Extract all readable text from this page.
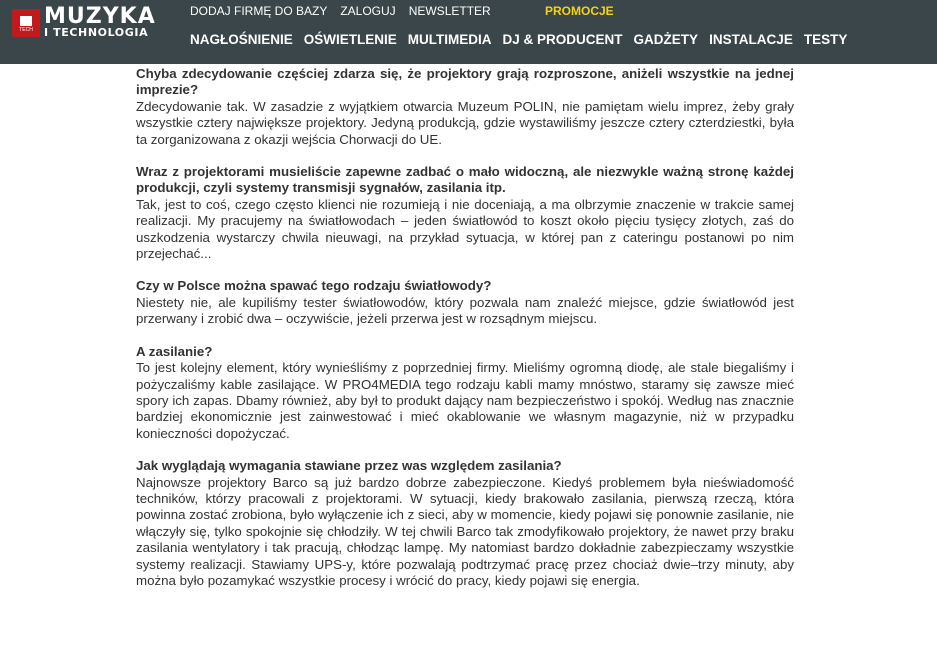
TECH
MUZYKA
I TECHNOLOGIA
DODAJ FIRMĘ DO BAZY ZALOGUJ NEWSLETTER	PROMOCJE
NAGŁOŚNIENIE OŚWIETLENIE MULTIMEDIA DJ & PRODUCENT GADŻETY INSTALACJE TESTY

Chyba zdecydowanie częściej zdarza się, że projektory grają rozproszone, aniżeli wszystkie na jednej imprezie?

Zdecydowanie tak. W zasadzie z wyjątkiem otwarcia Muzeum POLIN, nie pamiętam wielu imprez, żeby grały wszystkie cztery największe projektory. Jedyną produkcją, gdzie wystawiliśmy jeszcze cztery czterdziestki, była ta zorganizowana z okazji wejścia Chorwacji do UE.

Wraz z projektorami musieliście zapewne zadbać o mało widoczną, ale niezwykle ważną stronę każdej produkcji, czyli systemy transmisji sygnałów, zasilania itp.

Tak, jest to coś, czego często klienci nie rozumieją i nie doceniają, a ma olbrzymie znaczenie w trakcie samej realizacji. My pracujemy na światłowodach – jeden światłowód to koszt około pięciu tysięcy złotych, zaś do uszkodzenia wystarczy chwila nieuwagi, na przykład sytuacja, w której pan z cateringu postanowi po nim przejechać...

Czy w Polsce można spawać tego rodzaju światłowody?

Niestety nie, ale kupiliśmy tester światłowodów, który pozwala nam znaleźć miejsce, gdzie światłowód jest przerwany i zrobić dwa – oczywiście, jeżeli przerwa jest w rozsądnym miejscu.

A zasilanie?

To jest kolejny element, który wynieśliśmy z poprzedniej firmy. Mieliśmy ogromną diodę, ale stale biegaliśmy i pożyczaliśmy kable zasilające. W PRO4MEDIA tego rodzaju kabli mamy mnóstwo, staramy się zawsze mieć spory ich zapas. Dbamy również, aby był to produkt dający nam bezpieczeństwo i spokój. Według nas znacznie bardziej ekonomicznie jest zainwestować i mieć okablowanie we własnym magazynie, niż w przypadku konieczności dopożyczać.

Jak wyglądają wymagania stawiane przez was względem zasilania?

Najnowsze projektory Barco są już bardzo dobrze zabezpieczone. Kiedyś problemem była nieświadomość techników, którzy pracowali z projektorami. W sytuacji, kiedy brakowało zasilania, pierwszą rzeczą, która powinna zostać zrobiona, było wyłączenie ich z sieci, aby w momencie, kiedy pojawi się ponownie zasilanie, nie włączyły się, tylko spokojnie się chłodziły. W tej chwili Barco tak zmodyfikowało projektory, że nawet przy braku zasilania wentylatory i tak pracują, chłodząc lampę. My natomiast bardzo dokładnie zabezpieczamy wszystkie systemy realizacji. Stawiamy UPS-y, które pozwalają podtrzymać pracę przez chociaż dwie–trzy minuty, aby można było pozamykać wszystkie procesy i wrócić do pracy, kiedy pojawi się energia.
